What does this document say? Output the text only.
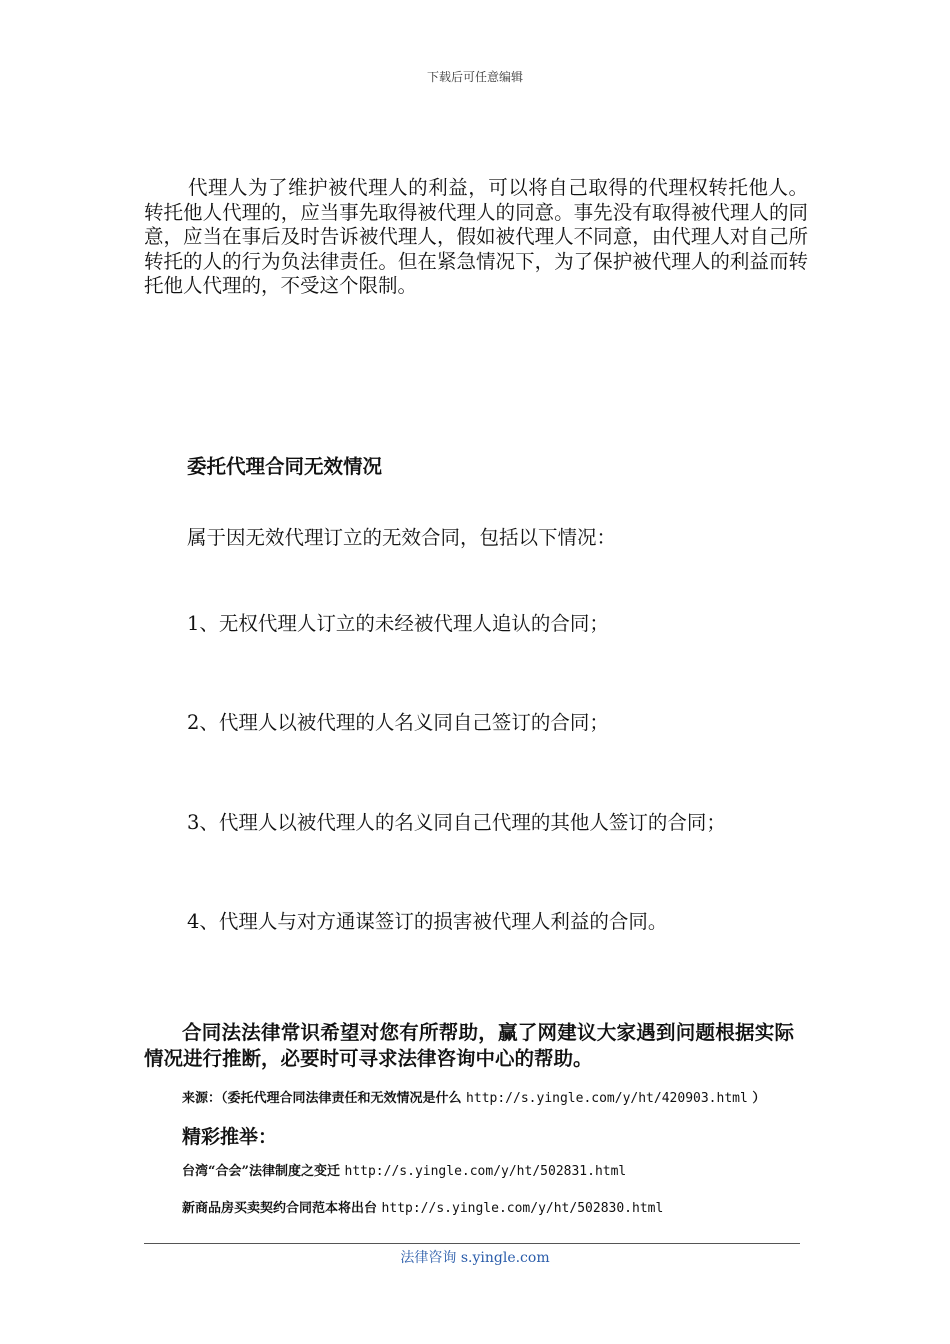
下载后可任意编辑

代理人为了维护被代理人的利益，可以将自己取得的代理权转托他人。转托他人代理的，应当事先取得被代理人的同意。事先没有取得被代理人的同意，应当在事后及时告诉被代理人，假如被代理人不同意，由代理人对自己所转托的人的行为负法律责任。但在紧急情况下，为了保护被代理人的利益而转托他人代理的，不受这个限制。

委托代理合同无效情况

属于因无效代理订立的无效合同，包括以下情况：

1、无权代理人订立的未经被代理人追认的合同；

2、代理人以被代理的人名义同自己签订的合同；

3、代理人以被代理人的名义同自己代理的其他人签订的合同；

4、代理人与对方通谋签订的损害被代理人利益的合同。

合同法法律常识希望对您有所帮助，赢了网建议大家遇到问题根据实际情况进行推断，必要时可寻求法律咨询中心的帮助。

来源：（委托代理合同法律责任和无效情况是什么 http://s.yingle.com/y/ht/420903.html ）
精彩推举：
台湾“合会”法律制度之变迁 http://s.yingle.com/y/ht/502831.html
新商品房买卖契约合同范本将出台 http://s.yingle.com/y/ht/502830.html
法律咨询 s.yingle.com
